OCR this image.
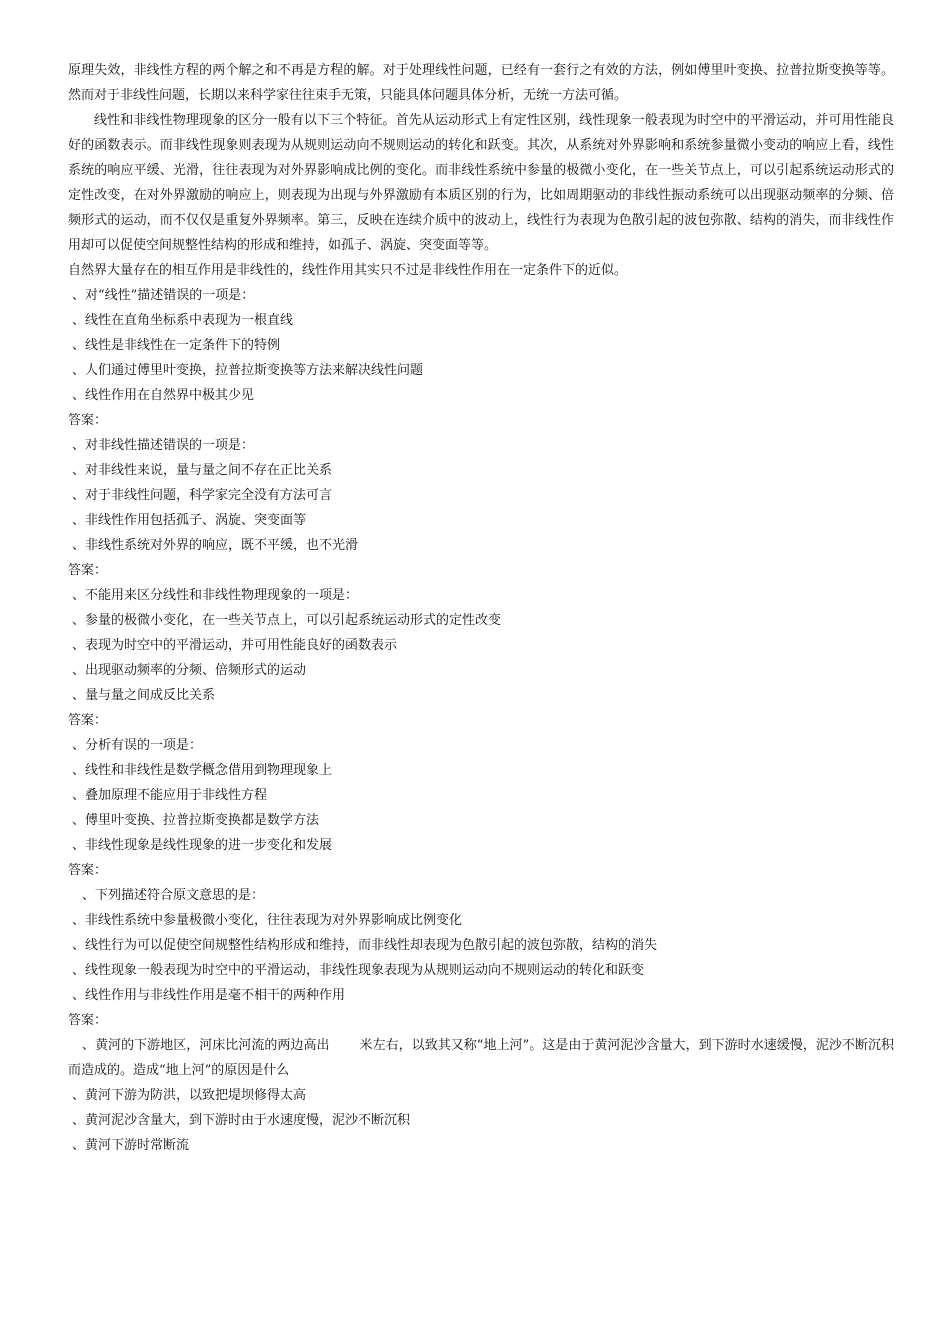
原理失效，非线性方程的两个解之和不再是方程的解。对于处理线性问题，已经有一套行之有效的方法，例如傅里叶变换、拉普拉斯变换等等。然而对于非线性问题，长期以来科学家往往束手无策，只能具体问题具体分析，无统一方法可循。

线性和非线性物理现象的区分一般有以下三个特征。首先从运动形式上有定性区别，线性现象一般表现为时空中的平滑运动，并可用性能良好的函数表示。而非线性现象则表现为从规则运动向不规则运动的转化和跃变。其次，从系统对外界影响和系统参量微小变动的响应上看，线性系统的响应平缓、光滑，往往表现为对外界影响成比例的变化。而非线性系统中参量的极微小变化，在一些关节点上，可以引起系统运动形式的定性改变，在对外界激励的响应上，则表现为出现与外界激励有本质区别的行为，比如周期驱动的非线性振动系统可以出现驱动频率的分频、倍频形式的运动，而不仅仅是重复外界频率。第三，反映在连续介质中的波动上，线性行为表现为色散引起的波包弥散、结构的消失，而非线性作用却可以促使空间规整性结构的形成和维持，如孤子、涡旋、突变面等等。

自然界大量存在的相互作用是非线性的，线性作用其实只不过是非线性作用在一定条件下的近似。

、对“线性”描述错误的一项是：

、线性在直角坐标系中表现为一根直线

、线性是非线性在一定条件下的特例

、人们通过傅里叶变换，拉普拉斯变换等方法来解决线性问题

、线性作用在自然界中极其少见

答案：

、对非线性描述错误的一项是：

、对非线性来说，量与量之间不存在正比关系

、对于非线性问题，科学家完全没有方法可言

、非线性作用包括孤子、涡旋、突变面等

、非线性系统对外界的响应，既不平缓，也不光滑

答案：

、不能用来区分线性和非线性物理现象的一项是：

、参量的极微小变化，在一些关节点上，可以引起系统运动形式的定性改变

、表现为时空中的平滑运动，并可用性能良好的函数表示

、出现驱动频率的分频、倍频形式的运动

、量与量之间成反比关系

答案：

、分析有误的一项是：

、线性和非线性是数学概念借用到物理现象上

、叠加原理不能应用于非线性方程

、傅里叶变换、拉普拉斯变换都是数学方法

、非线性现象是线性现象的进一步变化和发展

答案：

、下列描述符合原文意思的是：

、非线性系统中参量极微小变化，往往表现为对外界影响成比例变化

、线性行为可以促使空间规整性结构形成和维持，而非线性却表现为色散引起的波包弥散，结构的消失

、线性现象一般表现为时空中的平滑运动，非线性现象表现为从规则运动向不规则运动的转化和跃变

、线性作用与非线性作用是毫不相干的两种作用

答案：

、黄河的下游地区，河床比河流的两边高出 米左右，以致其又称“地上河”。这是由于黄河泥沙含量大，到下游时水速缓慢，泥沙不断沉积而造成的。造成“地上河”的原因是什么

、黄河下游为防洪，以致把堤坝修得太高

、黄河泥沙含量大，到下游时由于水速度慢，泥沙不断沉积

、黄河下游时常断流
